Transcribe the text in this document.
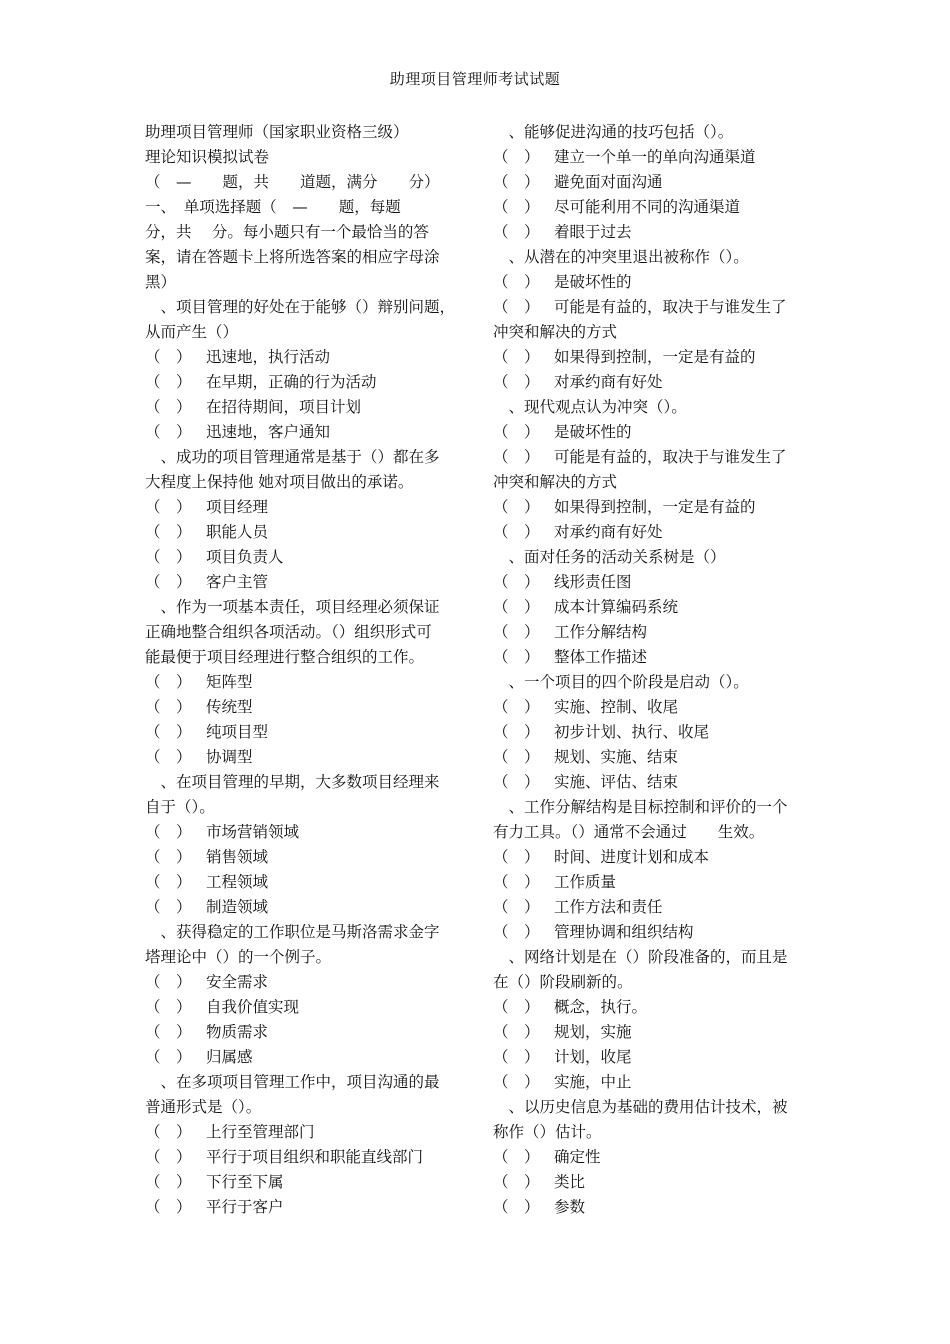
助理项目管理师考试试题
助理项目管理师（国家职业资格三级）
理论知识模拟试卷
（　—　　题，共　　道题，满分　　分）
一、　单项选择题（　—　　题，每题
分，共　 分。每小题只有一个最恰当的答
案，请在答题卡上将所选答案的相应字母涂
黑）
　、项目管理的好处在于能够（）辩别问题，
从而产生（）
（　） 迅速地，执行活动
（　） 在早期，正确的行为活动
（　） 在招待期间，项目计划
（　） 迅速地，客户通知
　、成功的项目管理通常是基于（）都在多
大程度上保持他 她对项目做出的承诺。
（　） 项目经理
（　） 职能人员
（　） 项目负责人
（　） 客户主管
　、作为一项基本责任，项目经理必须保证
正确地整合组织各项活动。（）组织形式可
能最便于项目经理进行整合组织的工作。
（　） 矩阵型
（　） 传统型
（　） 纯项目型
（　） 协调型
　、在项目管理的早期，大多数项目经理来
自于（）。
（　） 市场营销领域
（　） 销售领域
（　） 工程领域
（　） 制造领域
　、获得稳定的工作职位是马斯洛需求金字
塔理论中（）的一个例子。
（　） 安全需求
（　） 自我价值实现
（　） 物质需求
（　） 归属感
　、在多项项目管理工作中，项目沟通的最
普通形式是（）。
（　） 上行至管理部门
（　） 平行于项目组织和职能直线部门
（　） 下行至下属
（　） 平行于客户
　、能够促进沟通的技巧包括（）。
（　） 建立一个单一的单向沟通渠道
（　） 避免面对面沟通
（　） 尽可能利用不同的沟通渠道
（　） 着眼于过去
　、从潜在的冲突里退出被称作（）。
（　） 是破坏性的
（　） 可能是有益的，取决于与谁发生了
冲突和解决的方式
（　） 如果得到控制，一定是有益的
（　） 对承约商有好处
　、现代观点认为冲突（）。
（　） 是破坏性的
（　） 可能是有益的，取决于与谁发生了
冲突和解决的方式
（　） 如果得到控制，一定是有益的
（　） 对承约商有好处
　、面对任务的活动关系树是（）
（　） 线形责任图
（　） 成本计算编码系统
（　） 工作分解结构
（　） 整体工作描述
　、一个项目的四个阶段是启动（）。
（　） 实施、控制、收尾
（　） 初步计划、执行、收尾
（　） 规划、实施、结束
（　） 实施、评估、结束
　、工作分解结构是目标控制和评价的一个
有力工具。（）通常不会通过　　生效。
（　） 时间、进度计划和成本
（　） 工作质量
（　） 工作方法和责任
（　） 管理协调和组织结构
　、网络计划是在（）阶段准备的，而且是
在（）阶段刷新的。
（　） 概念，执行。
（　） 规划，实施
（　） 计划，收尾
（　） 实施，中止
　、以历史信息为基础的费用估计技术，被
称作（）估计。
（　） 确定性
（　） 类比
（　） 参数
